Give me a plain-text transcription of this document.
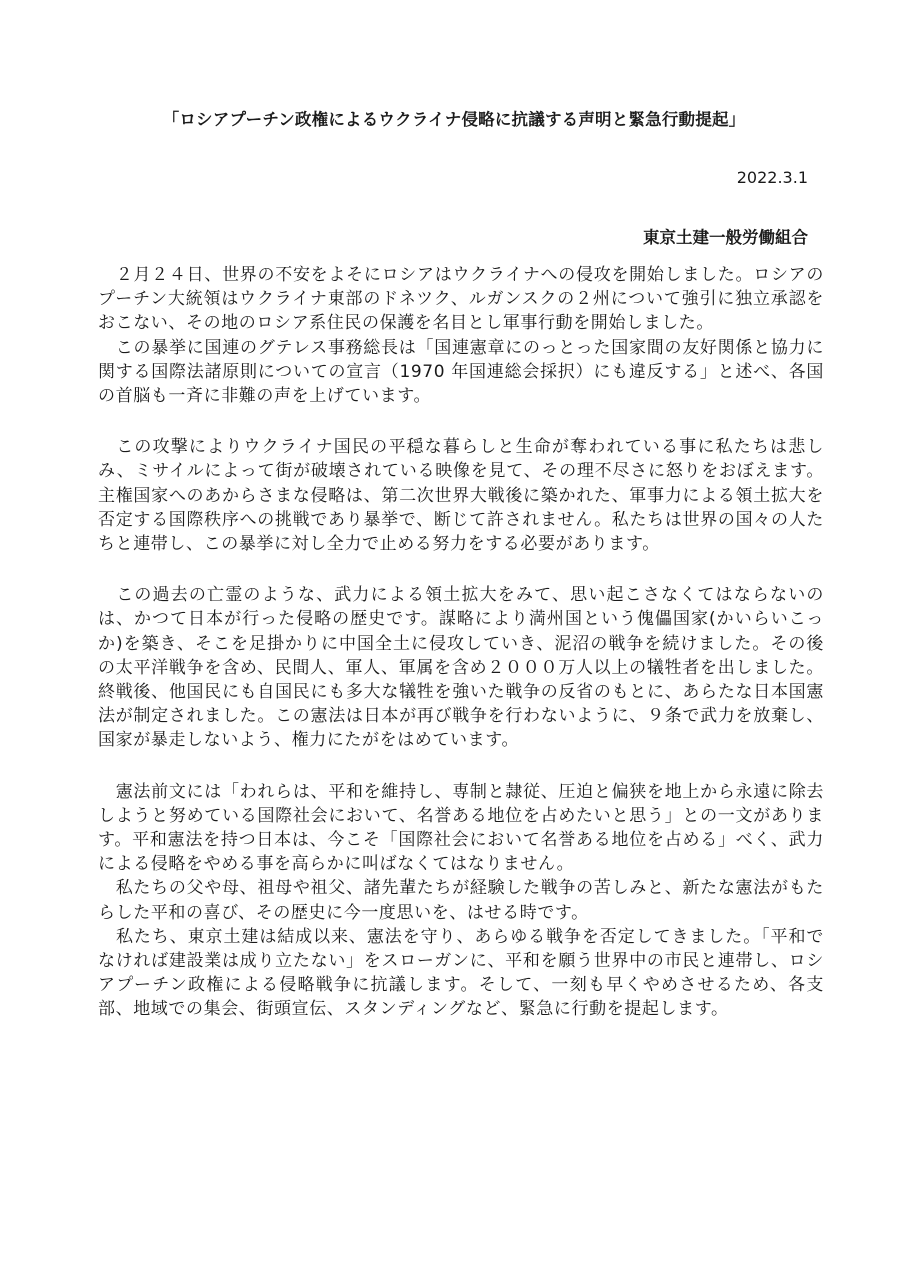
「ロシアプーチン政権によるウクライナ侵略に抗議する声明と緊急行動提起」

2022.3.1

東京土建一般労働組合

　２月２４日、世界の不安をよそにロシアはウクライナへの侵攻を開始しました。ロシアのプーチン大統領はウクライナ東部のドネツク、ルガンスクの２州について強引に独立承認をおこない、その地のロシア系住民の保護を名目とし軍事行動を開始しました。

　この暴挙に国連のグテレス事務総長は「国連憲章にのっとった国家間の友好関係と協力に関する国際法諸原則についての宣言（1970 年国連総会採択）にも違反する」と述べ、各国の首脳も一斉に非難の声を上げています。

　この攻撃によりウクライナ国民の平穏な暮らしと生命が奪われている事に私たちは悲しみ、ミサイルによって街が破壊されている映像を見て、その理不尽さに怒りをおぼえます。主権国家へのあからさまな侵略は、第二次世界大戦後に築かれた、軍事力による領土拡大を否定する国際秩序への挑戦であり暴挙で、断じて許されません。私たちは世界の国々の人たちと連帯し、この暴挙に対し全力で止める努力をする必要があります。

　この過去の亡霊のような、武力による領土拡大をみて、思い起こさなくてはならないのは、かつて日本が行った侵略の歴史です。謀略により満州国という傀儡国家(かいらいこっか)を築き、そこを足掛かりに中国全土に侵攻していき、泥沼の戦争を続けました。その後の太平洋戦争を含め、民間人、軍人、軍属を含め２０００万人以上の犠牲者を出しました。終戦後、他国民にも自国民にも多大な犠牲を強いた戦争の反省のもとに、あらたな日本国憲法が制定されました。この憲法は日本が再び戦争を行わないように、９条で武力を放棄し、国家が暴走しないよう、権力にたがをはめています。

　憲法前文には「われらは、平和を維持し、専制と隷従、圧迫と偏狭を地上から永遠に除去しようと努めている国際社会において、名誉ある地位を占めたいと思う」との一文があります。平和憲法を持つ日本は、今こそ「国際社会において名誉ある地位を占める」べく、武力による侵略をやめる事を高らかに叫ばなくてはなりません。

　私たちの父や母、祖母や祖父、諸先輩たちが経験した戦争の苦しみと、新たな憲法がもたらした平和の喜び、その歴史に今一度思いを、はせる時です。

　私たち、東京土建は結成以来、憲法を守り、あらゆる戦争を否定してきました。「平和でなければ建設業は成り立たない」をスローガンに、平和を願う世界中の市民と連帯し、ロシアプーチン政権による侵略戦争に抗議します。そして、一刻も早くやめさせるため、各支部、地域での集会、街頭宣伝、スタンディングなど、緊急に行動を提起します。
